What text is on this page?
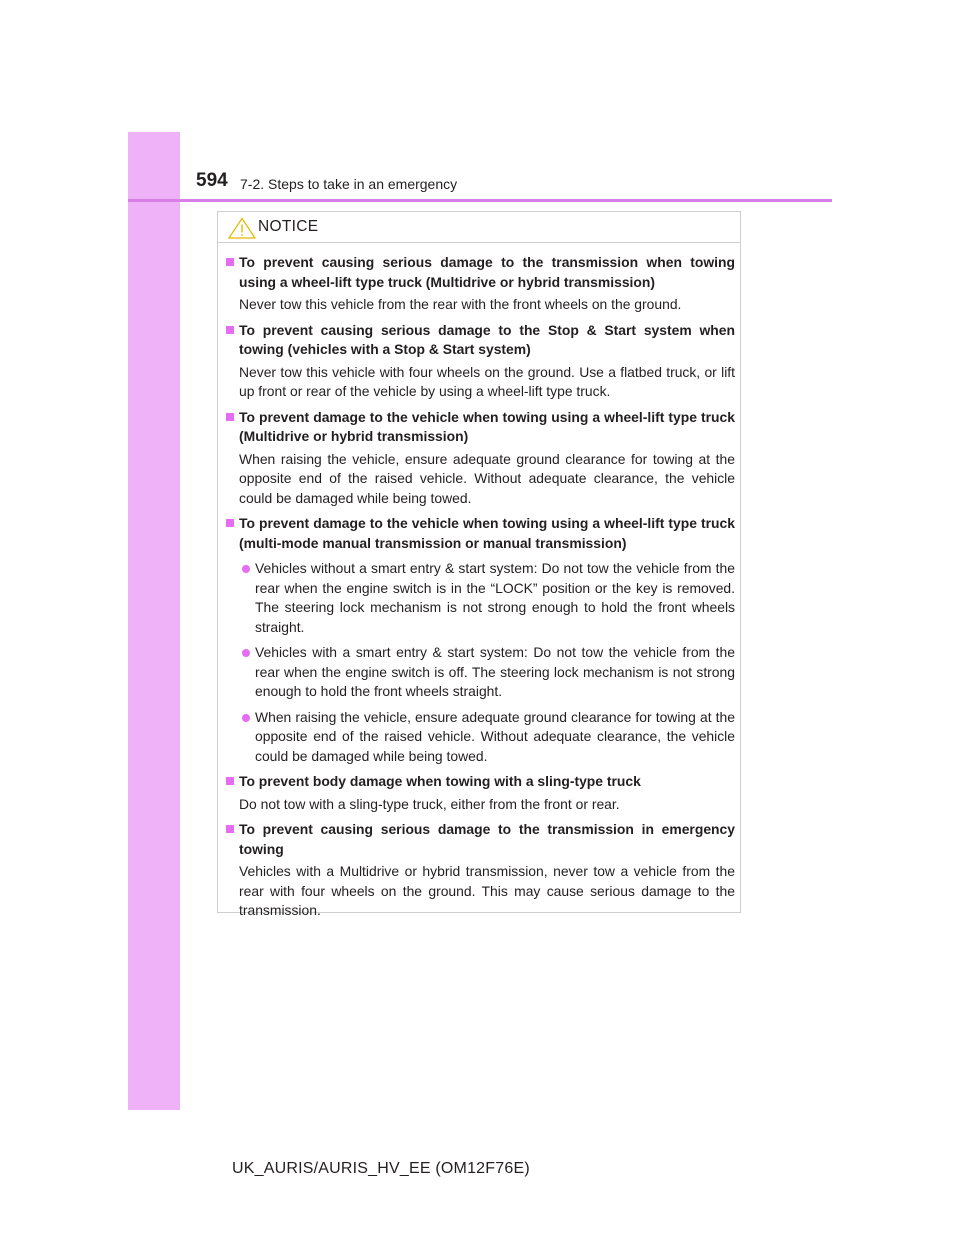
594 7-2. Steps to take in an emergency
NOTICE
To prevent causing serious damage to the transmission when towing using a wheel-lift type truck (Multidrive or hybrid transmission)
Never tow this vehicle from the rear with the front wheels on the ground.
To prevent causing serious damage to the Stop & Start system when towing (vehicles with a Stop & Start system)
Never tow this vehicle with four wheels on the ground. Use a flatbed truck, or lift up front or rear of the vehicle by using a wheel-lift type truck.
To prevent damage to the vehicle when towing using a wheel-lift type truck (Multidrive or hybrid transmission)
When raising the vehicle, ensure adequate ground clearance for towing at the opposite end of the raised vehicle. Without adequate clearance, the vehicle could be damaged while being towed.
To prevent damage to the vehicle when towing using a wheel-lift type truck (multi-mode manual transmission or manual transmission)
Vehicles without a smart entry & start system: Do not tow the vehicle from the rear when the engine switch is in the “LOCK” position or the key is removed. The steering lock mechanism is not strong enough to hold the front wheels straight.
Vehicles with a smart entry & start system: Do not tow the vehicle from the rear when the engine switch is off. The steering lock mechanism is not strong enough to hold the front wheels straight.
When raising the vehicle, ensure adequate ground clearance for towing at the opposite end of the raised vehicle. Without adequate clearance, the vehicle could be damaged while being towed.
To prevent body damage when towing with a sling-type truck
Do not tow with a sling-type truck, either from the front or rear.
To prevent causing serious damage to the transmission in emergency towing
Vehicles with a Multidrive or hybrid transmission, never tow a vehicle from the rear with four wheels on the ground. This may cause serious damage to the transmission.
UK_AURIS/AURIS_HV_EE (OM12F76E)
